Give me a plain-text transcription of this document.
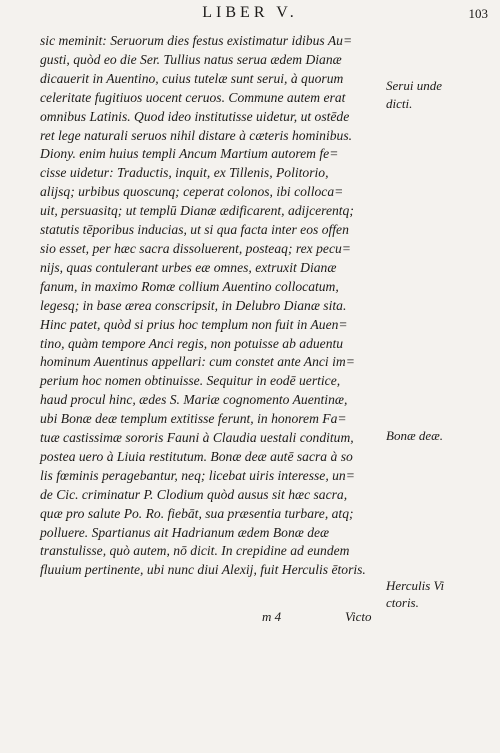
LIBER V.	103
sic meminit: Seruorum dies festus existimatur idibus Au=
gusti, quòd eo die Ser. Tullius natus serua ædem Dianæ
dicauerit in Auentino, cuius tutelæ sunt serui, à quorum
celeritate fugitiuos uocent ceruos. Commune autem erat
omnibus Latinis. Quod ideo institutisse uidetur, ut ostēde
ret lege naturali seruos nihil distare à cæteris hominibus.
Diony. enim huius templi Ancum Martium autorem fe=
cisse uidetur: Traductis, inquit, ex Tillenis, Politorio,
alijsq; urbibus quoscunq; ceperat colonos, ibi colloca=
uit, persuasitq; ut templū Dianæ ædificarent, adijcerentq;
statutis tēporibus inducias, ut si qua facta inter eos offen
sio esset, per hæc sacra dissoluerent, posteaq; rex pecu=
nijs, quas contulerant urbes eæ omnes, extruxit Dianæ
fanum, in maximo Romæ collium Auentino collocatum,
legesq; in base ærea conscripsit, in Delubro Dianæ sita.
Hinc patet, quòd si prius hoc templum non fuit in Auen=
tino, quàm tempore Anci regis, non potuisse ab aduentu
hominum Auentinus appellari: cum constet ante Anci im=
perium hoc nomen obtinuisse. Sequitur in eodē uertice,
haud procul hinc, ædes S. Mariæ cognomento Auentinæ,
ubi Bonæ deæ templum extitisse ferunt, in honorem Fa=
tuæ castissimæ sororis Fauni à Claudia uestali conditum,
postea uero à Liuia restitutum. Bonæ deæ autē sacra à so
lis fœminis peragebantur, neq; licebat uiris interesse, un=
de Cic. criminatur P. Clodium quòd ausus sit hæc sacra,
quæ pro salute Po. Ro. fiebāt, sua præsentia turbare, atq;
polluere. Spartianus ait Hadrianum ædem Bonæ deæ
transtulisse, quò autem, nō dicit. In crepidine ad eundem
fluuium pertinente, ubi nunc diui Alexij, fuit Herculis ētoris.
Serui unde
dicti.
Bonæ deæ.
Herculis Vi
ctoris.
m 4	Victo
